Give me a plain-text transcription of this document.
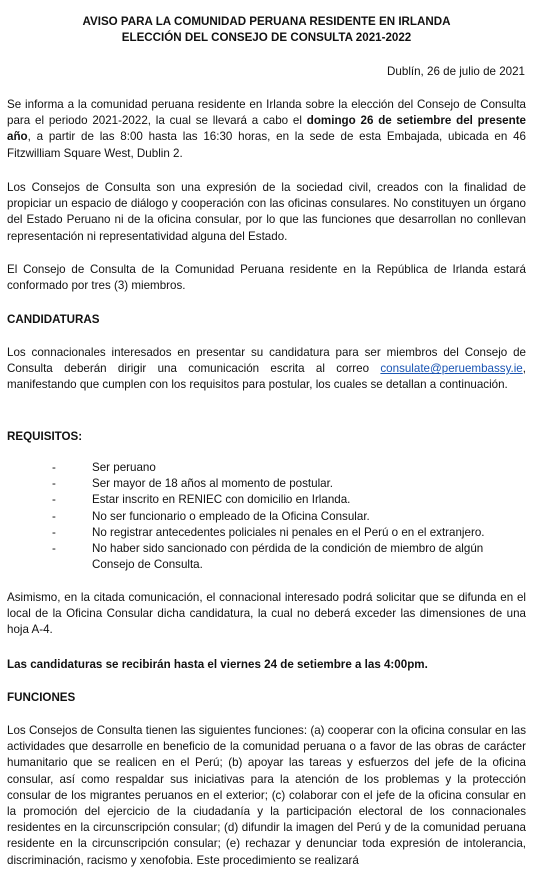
AVISO PARA LA COMUNIDAD PERUANA RESIDENTE EN IRLANDA
ELECCIÓN DEL CONSEJO DE CONSULTA 2021-2022
Dublín, 26 de julio de 2021

Se informa a la comunidad peruana residente en Irlanda sobre la elección del Consejo de Consulta para el periodo 2021-2022, la cual se llevará a cabo el domingo 26 de setiembre del presente año, a partir de las 8:00 hasta las 16:30 horas, en la sede de esta Embajada, ubicada en 46 Fitzwilliam Square West, Dublin 2.

Los Consejos de Consulta son una expresión de la sociedad civil, creados con la finalidad de propiciar un espacio de diálogo y cooperación con las oficinas consulares. No constituyen un órgano del Estado Peruano ni de la oficina consular, por lo que las funciones que desarrollan no conllevan representación ni representatividad alguna del Estado.

El Consejo de Consulta de la Comunidad Peruana residente en la República de Irlanda estará conformado por tres (3) miembros.

CANDIDATURAS

Los connacionales interesados en presentar su candidatura para ser miembros del Consejo de Consulta deberán dirigir una comunicación escrita al correo consulate@peruembassy.ie, manifestando que cumplen con los requisitos para postular, los cuales se detallan a continuación.

REQUISITOS:

-	Ser peruano
-	Ser mayor de 18 años al momento de postular.
-	Estar inscrito en RENIEC con domicilio en Irlanda.
-	No ser funcionario o empleado de la Oficina Consular.
-	No registrar antecedentes policiales ni penales en el Perú o en el extranjero.
-	No haber sido sancionado con pérdida de la condición de miembro de algún Consejo de Consulta.

Asimismo, en la citada comunicación, el connacional interesado podrá solicitar que se difunda en el local de la Oficina Consular dicha candidatura, la cual no deberá exceder las dimensiones de una hoja A-4.

Las candidaturas se recibirán hasta el viernes 24 de setiembre a las 4:00pm.

FUNCIONES

Los Consejos de Consulta tienen las siguientes funciones: (a) cooperar con la oficina consular en las actividades que desarrolle en beneficio de la comunidad peruana o a favor de las obras de carácter humanitario que se realicen en el Perú; (b) apoyar las tareas y esfuerzos del jefe de la oficina consular, así como respaldar sus iniciativas para la atención de los problemas y la protección consular de los migrantes peruanos en el exterior; (c) colaborar con el jefe de la oficina consular en la promoción del ejercicio de la ciudadanía y la participación electoral de los connacionales residentes en la circunscripción consular; (d) difundir la imagen del Perú y de la comunidad peruana residente en la circunscripción consular; (e) rechazar y denunciar toda expresión de intolerancia, discriminación, racismo y xenofobia. Este procedimiento se realizará
